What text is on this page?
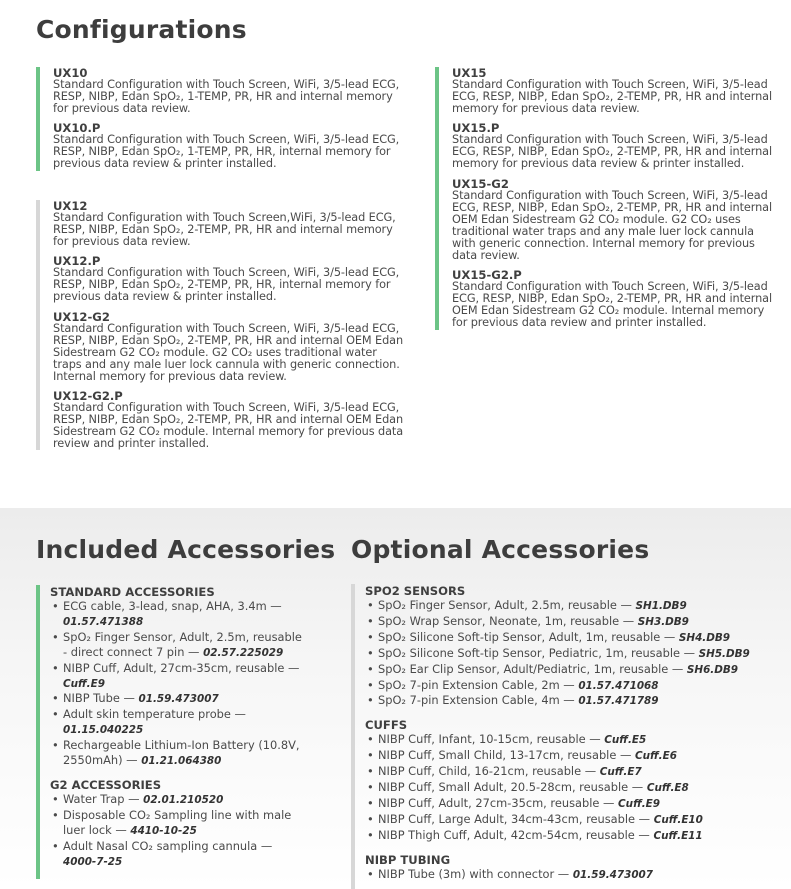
Configurations
UX10
Standard Configuration with Touch Screen, WiFi, 3/5-lead ECG, RESP, NIBP, Edan SpO₂, 1-TEMP, PR, HR and internal memory for previous data review.
UX10.P
Standard Configuration with Touch Screen, WiFi, 3/5-lead ECG, RESP, NIBP, Edan SpO₂, 1-TEMP, PR, HR, internal memory for previous data review & printer installed.
UX12
Standard Configuration with Touch Screen,WiFi, 3/5-lead ECG, RESP, NIBP, Edan SpO₂, 2-TEMP, PR, HR and internal memory for previous data review.
UX12.P
Standard Configuration with Touch Screen, WiFi, 3/5-lead ECG, RESP, NIBP, Edan SpO₂, 2-TEMP, PR, HR, internal memory for previous data review & printer installed.
UX12-G2
Standard Configuration with Touch Screen, WiFi, 3/5-lead ECG, RESP, NIBP, Edan SpO₂, 2-TEMP, PR, HR and internal OEM Edan Sidestream G2 CO₂ module. G2 CO₂ uses traditional water traps and any male luer lock cannula with generic connection. Internal memory for previous data review.
UX12-G2.P
Standard Configuration with Touch Screen, WiFi, 3/5-lead ECG, RESP, NIBP, Edan SpO₂, 2-TEMP, PR, HR and internal OEM Edan Sidestream G2 CO₂ module. Internal memory for previous data review and printer installed.
UX15
Standard Configuration with Touch Screen, WiFi, 3/5-lead ECG, RESP, NIBP, Edan SpO₂, 2-TEMP, PR, HR and internal memory for previous data review.
UX15.P
Standard Configuration with Touch Screen, WiFi, 3/5-lead ECG, RESP, NIBP, Edan SpO₂, 2-TEMP, PR, HR and internal memory for previous data review & printer installed.
UX15-G2
Standard Configuration with Touch Screen, WiFi, 3/5-lead ECG, RESP, NIBP, Edan SpO₂, 2-TEMP, PR, HR and internal OEM Edan Sidestream G2 CO₂ module. G2 CO₂ uses traditional water traps and any male luer lock cannula with generic connection. Internal memory for previous data review.
UX15-G2.P
Standard Configuration with Touch Screen, WiFi, 3/5-lead ECG, RESP, NIBP, Edan SpO₂, 2-TEMP, PR, HR and internal OEM Edan Sidestream G2 CO₂ module. Internal memory for previous data review and printer installed.
Included Accessories Optional Accessories
STANDARD ACCESSORIES
• ECG cable, 3-lead, snap, AHA, 3.4m — 01.57.471388
• SpO₂ Finger Sensor, Adult, 2.5m, reusable - direct connect 7 pin — 02.57.225029
• NIBP Cuff, Adult, 27cm-35cm, reusable — Cuff.E9
• NIBP Tube — 01.59.473007
• Adult skin temperature probe — 01.15.040225
• Rechargeable Lithium-Ion Battery (10.8V, 2550mAh) — 01.21.064380
G2 ACCESSORIES
• Water Trap — 02.01.210520
• Disposable CO₂ Sampling line with male luer lock — 4410-10-25
• Adult Nasal CO₂ sampling cannula — 4000-7-25
SPO2 SENSORS
• SpO₂ Finger Sensor, Adult, 2.5m, reusable — SH1.DB9
• SpO₂ Wrap Sensor, Neonate, 1m, reusable — SH3.DB9
• SpO₂ Silicone Soft-tip Sensor, Adult, 1m, reusable — SH4.DB9
• SpO₂ Silicone Soft-tip Sensor, Pediatric, 1m, reusable — SH5.DB9
• SpO₂ Ear Clip Sensor, Adult/Pediatric, 1m, reusable — SH6.DB9
• SpO₂ 7-pin Extension Cable, 2m — 01.57.471068
• SpO₂ 7-pin Extension Cable, 4m — 01.57.471789
CUFFS
• NIBP Cuff, Infant, 10-15cm, reusable — Cuff.E5
• NIBP Cuff, Small Child, 13-17cm, reusable — Cuff.E6
• NIBP Cuff, Child, 16-21cm, reusable — Cuff.E7
• NIBP Cuff, Small Adult, 20.5-28cm, reusable — Cuff.E8
• NIBP Cuff, Adult, 27cm-35cm, reusable — Cuff.E9
• NIBP Cuff, Large Adult, 34cm-43cm, reusable — Cuff.E10
• NIBP Thigh Cuff, Adult, 42cm-54cm, reusable — Cuff.E11
NIBP TUBING
• NIBP Tube (3m) with connector — 01.59.473007
